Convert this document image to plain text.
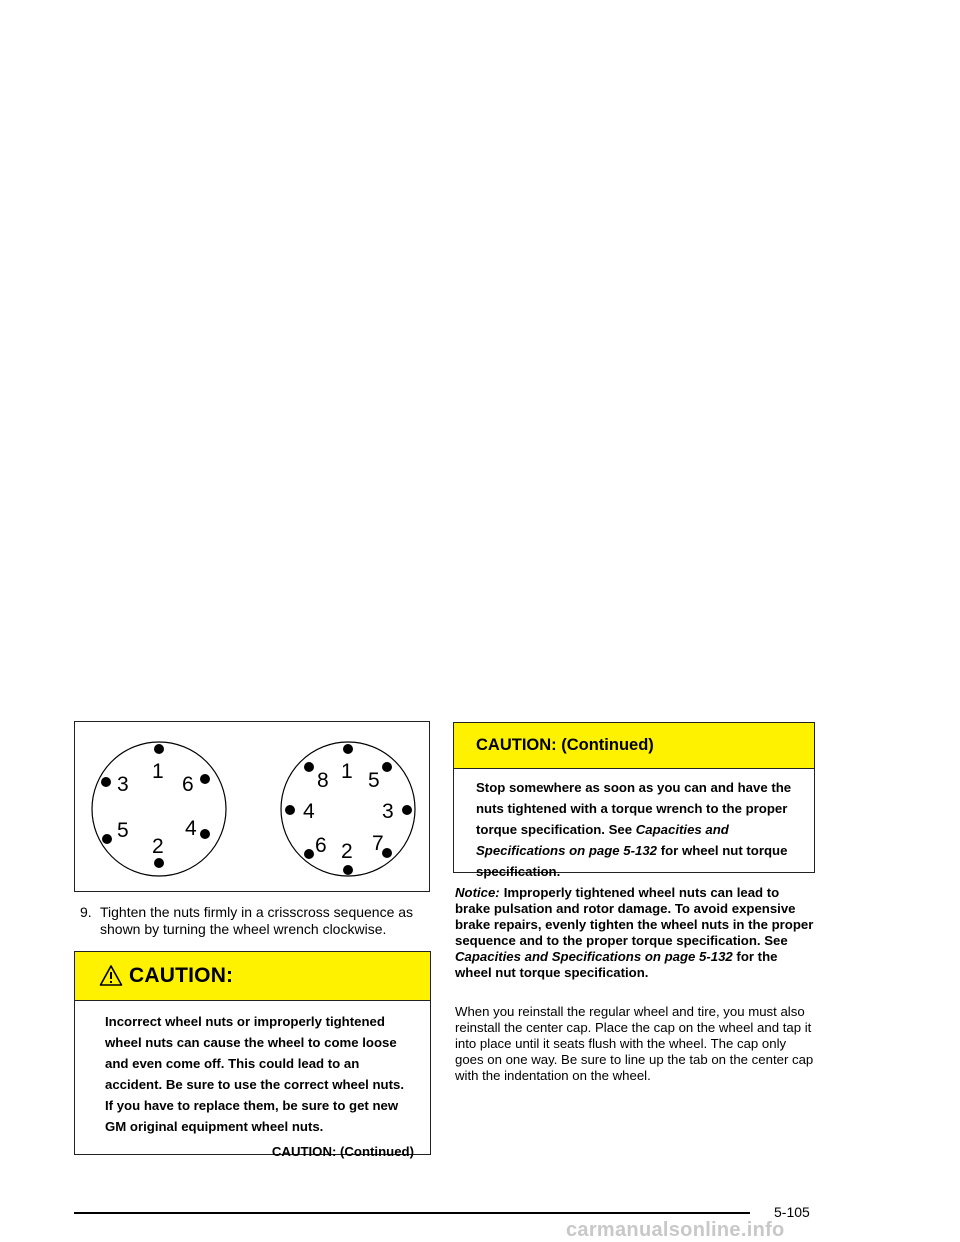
1
2
3
4
5
6
1
2
3
4
5
6 7
8
9. Tighten the nuts firmly in a crisscross sequence as shown by turning the wheel wrench clockwise.
CAUTION:
Incorrect wheel nuts or improperly tightened wheel nuts can cause the wheel to come loose and even come off. This could lead to an accident. Be sure to use the correct wheel nuts. If you have to replace them, be sure to get new GM original equipment wheel nuts.
CAUTION: (Continued)
CAUTION: (Continued)
Stop somewhere as soon as you can and have the nuts tightened with a torque wrench to the proper torque specification. See Capacities and Specifications on page 5-132 for wheel nut torque specification.
Notice: Improperly tightened wheel nuts can lead to brake pulsation and rotor damage. To avoid expensive brake repairs, evenly tighten the wheel nuts in the proper sequence and to the proper torque specification. See Capacities and Specifications on page 5-132 for the wheel nut torque specification.
When you reinstall the regular wheel and tire, you must also reinstall the center cap. Place the cap on the wheel and tap it into place until it seats flush with the wheel. The cap only goes on one way. Be sure to line up the tab on the center cap with the indentation on the wheel.
5-105
carmanualsonline.info
